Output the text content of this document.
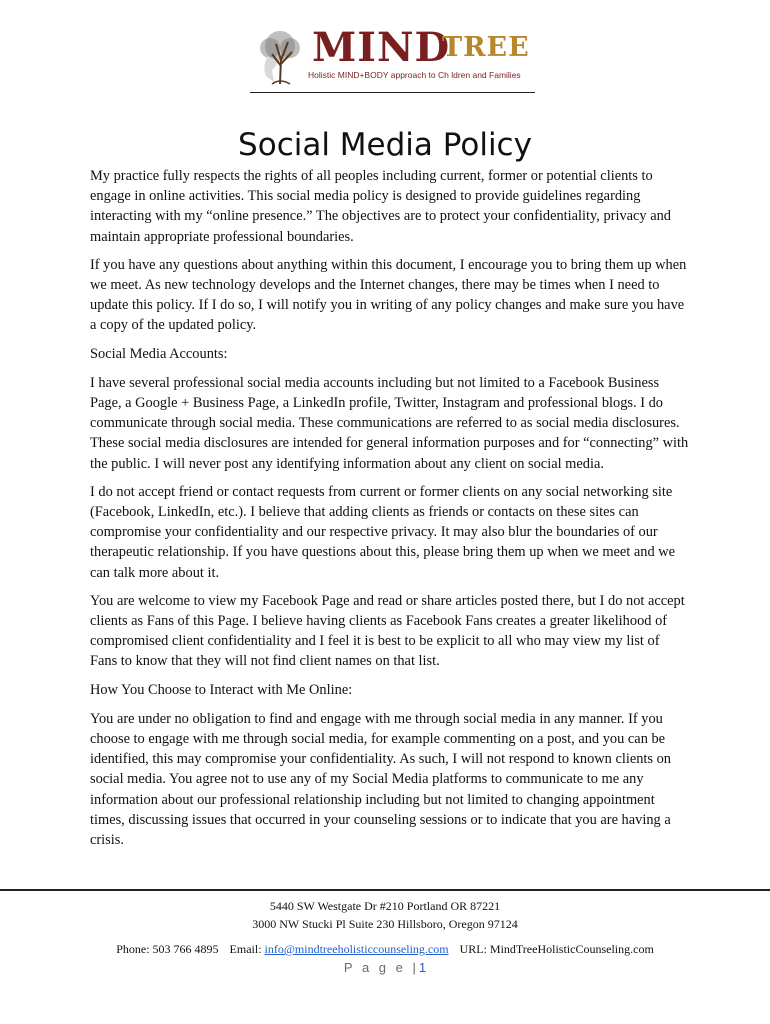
MIND
TREE
Holistic MIND+BODY approach to Ch ldren and Families
Social Media Policy

My practice fully respects the rights of all peoples including current, former or potential clients to engage in online activities. This social media policy is designed to provide guidelines regarding interacting with my “online presence.” The objectives are to protect your confidentiality, privacy and maintain appropriate professional boundaries.

If you have any questions about anything within this document, I encourage you to bring them up when we meet. As new technology develops and the Internet changes, there may be times when I need to update this policy. If I do so, I will notify you in writing of any policy changes and make sure you have a copy of the updated policy.

Social Media Accounts:

I have several professional social media accounts including but not limited to a Facebook Business Page, a Google + Business Page, a LinkedIn profile, Twitter, Instagram and professional blogs. I do communicate through social media. These communications are referred to as social media disclosures. These social media disclosures are intended for general information purposes and for “connecting” with the public. I will never post any identifying information about any client on social media.

I do not accept friend or contact requests from current or former clients on any social networking site (Facebook, LinkedIn, etc.). I believe that adding clients as friends or contacts on these sites can compromise your confidentiality and our respective privacy. It may also blur the boundaries of our therapeutic relationship. If you have questions about this, please bring them up when we meet and we can talk more about it.

You are welcome to view my Facebook Page and read or share articles posted there, but I do not accept clients as Fans of this Page. I believe having clients as Facebook Fans creates a greater likelihood of compromised client confidentiality and I feel it is best to be explicit to all who may view my list of Fans to know that they will not find client names on that list.

How You Choose to Interact with Me Online:

You are under no obligation to find and engage with me through social media in any manner. If you choose to engage with me through social media, for example commenting on a post, and you can be identified, this may compromise your confidentiality. As such, I will not respond to known clients on social media. You agree not to use any of my Social Media platforms to communicate to me any information about our professional relationship including but not limited to changing appointment times, discussing issues that occurred in your counseling sessions or to indicate that you are having a crisis.

5440 SW Westgate Dr #210 Portland OR 87221
3000 NW Stucki Pl Suite 230 Hillsboro, Oregon 97124
Phone: 503 766 4895 Email: info@mindtreeholisticcounseling.com URL: MindTreeHolisticCounseling.com
P a g e |1
